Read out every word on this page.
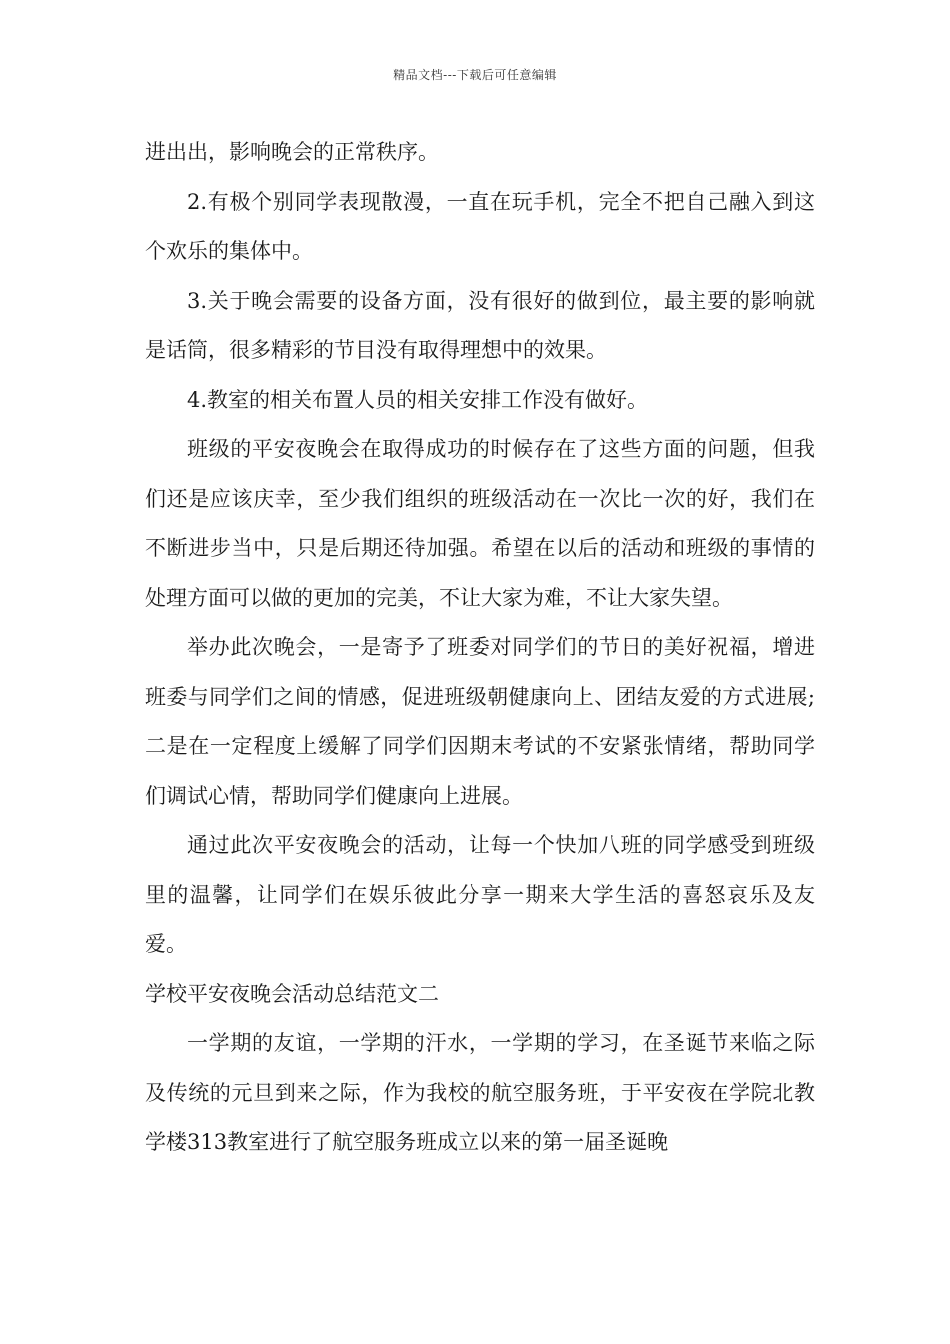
精品文档---下载后可任意编辑

进出出，影响晚会的正常秩序。

2.有极个别同学表现散漫，一直在玩手机，完全不把自己融入到这个欢乐的集体中。

3.关于晚会需要的设备方面，没有很好的做到位，最主要的影响就是话筒，很多精彩的节目没有取得理想中的效果。

4.教室的相关布置人员的相关安排工作没有做好。

班级的平安夜晚会在取得成功的时候存在了这些方面的问题，但我们还是应该庆幸，至少我们组织的班级活动在一次比一次的好，我们在不断进步当中，只是后期还待加强。希望在以后的活动和班级的事情的处理方面可以做的更加的完美，不让大家为难，不让大家失望。

举办此次晚会，一是寄予了班委对同学们的节日的美好祝福，增进班委与同学们之间的情感，促进班级朝健康向上、团结友爱的方式进展;二是在一定程度上缓解了同学们因期末考试的不安紧张情绪，帮助同学们调试心情，帮助同学们健康向上进展。

通过此次平安夜晚会的活动，让每一个快加八班的同学感受到班级里的温馨，让同学们在娱乐彼此分享一期来大学生活的喜怒哀乐及友爱。

学校平安夜晚会活动总结范文二

一学期的友谊，一学期的汗水，一学期的学习，在圣诞节来临之际及传统的元旦到来之际，作为我校的航空服务班，于平安夜在学院北教学楼313教室进行了航空服务班成立以来的第一届圣诞晚
